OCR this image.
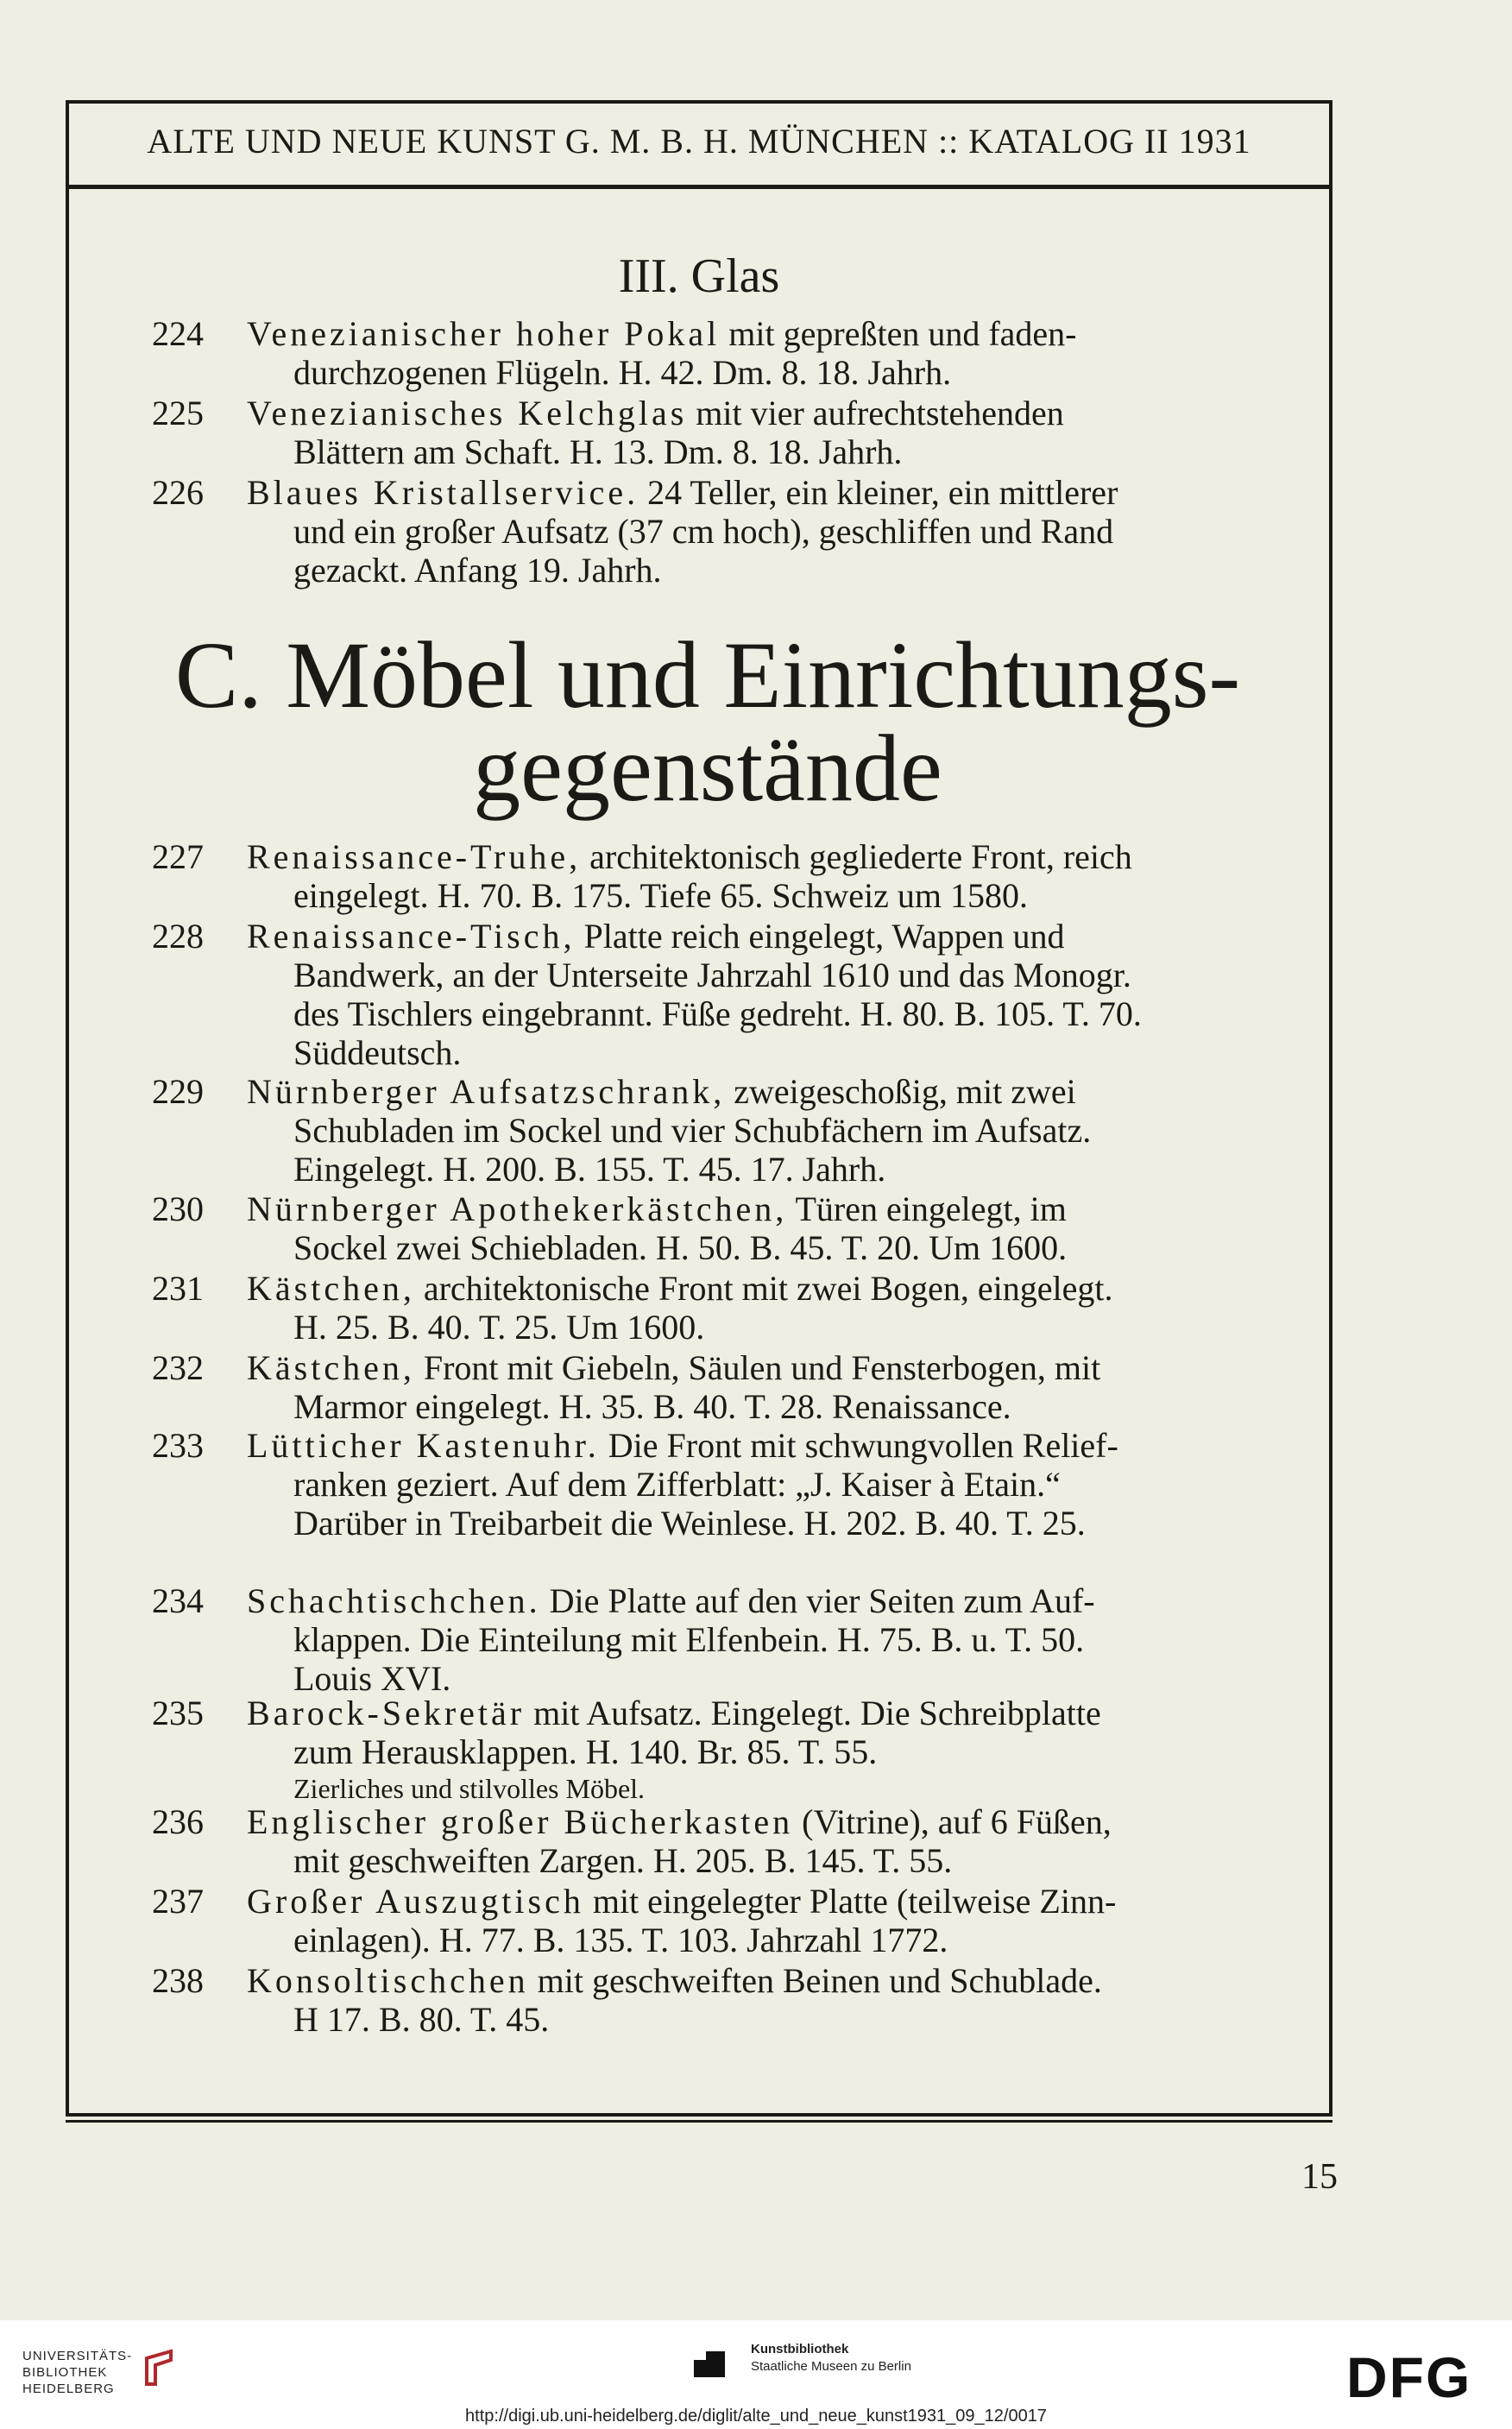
ALTE UND NEUE KUNST G. M. B. H. MÜNCHEN :: KATALOG II 1931
III. Glas
C. Möbel und Einrichtungs-
gegenstände
224	Venezianischer hoher Pokal mit gepreßten und faden-
durchzogenen Flügeln. H. 42. Dm. 8. 18. Jahrh.
225	Venezianisches Kelchglas mit vier aufrechtstehenden
Blättern am Schaft. H. 13. Dm. 8. 18. Jahrh.
226	Blaues Kristallservice. 24 Teller, ein kleiner, ein mittlerer
und ein großer Aufsatz (37 cm hoch), geschliffen und Rand
gezackt. Anfang 19. Jahrh.
227	Renaissance-Truhe, architektonisch gegliederte Front, reich
eingelegt. H. 70. B. 175. Tiefe 65. Schweiz um 1580.
228	Renaissance-Tisch, Platte reich eingelegt, Wappen und
Bandwerk, an der Unterseite Jahrzahl 1610 und das Monogr.
des Tischlers eingebrannt. Füße gedreht. H. 80. B. 105. T. 70.
Süddeutsch.
229	Nürnberger Aufsatzschrank, zweigeschoßig, mit zwei
Schubladen im Sockel und vier Schubfächern im Aufsatz.
Eingelegt. H. 200. B. 155. T. 45. 17. Jahrh.
230	Nürnberger Apothekerkästchen, Türen eingelegt, im
Sockel zwei Schiebladen. H. 50. B. 45. T. 20. Um 1600.
231	Kästchen, architektonische Front mit zwei Bogen, eingelegt.
H. 25. B. 40. T. 25. Um 1600.
232	Kästchen, Front mit Giebeln, Säulen und Fensterbogen, mit
Marmor eingelegt. H. 35. B. 40. T. 28. Renaissance.
233	Lütticher Kastenuhr. Die Front mit schwungvollen Relief-
ranken geziert. Auf dem Zifferblatt: „J. Kaiser à Etain.“
Darüber in Treibarbeit die Weinlese. H. 202. B. 40. T. 25.
234	Schachtischchen. Die Platte auf den vier Seiten zum Auf-
klappen. Die Einteilung mit Elfenbein. H. 75. B. u. T. 50.
Louis XVI.
235	Barock-Sekretär mit Aufsatz. Eingelegt. Die Schreibplatte
zum Herausklappen. H. 140. Br. 85. T. 55.
Zierliches und stilvolles Möbel.
236	Englischer großer Bücherkasten (Vitrine), auf 6 Füßen,
mit geschweiften Zargen. H. 205. B. 145. T. 55.
237	Großer Auszugtisch mit eingelegter Platte (teilweise Zinn-
einlagen). H. 77. B. 135. T. 103. Jahrzahl 1772.
238	Konsoltischchen mit geschweiften Beinen und Schublade.
H 17. B. 80. T. 45.
15
UNIVERSITÄTS-
BIBLIOTHEK
HEIDELBERG
Kunstbibliothek
Staatliche Museen zu Berlin	DFG
http://digi.ub.uni-heidelberg.de/diglit/alte_und_neue_kunst1931_09_12/0017
